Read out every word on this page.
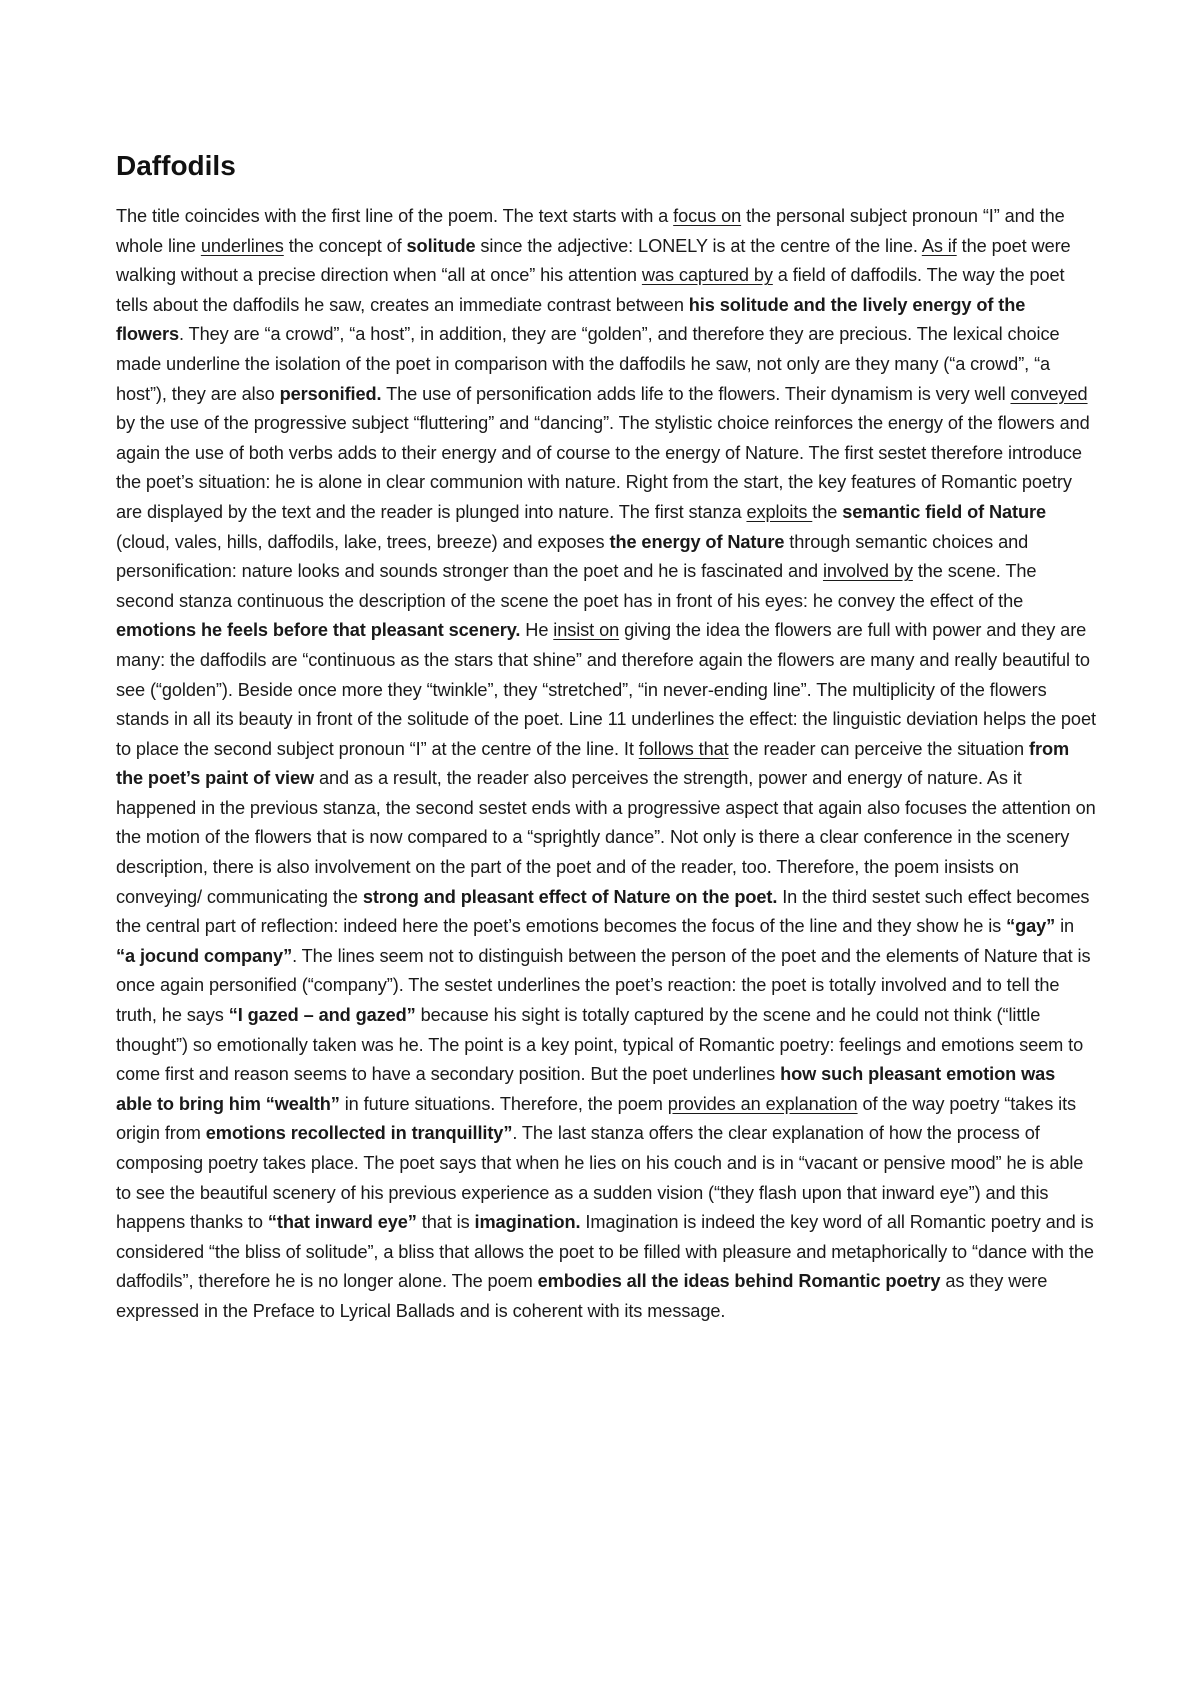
Daffodils

The title coincides with the first line of the poem. The text starts with a focus on the personal subject pronoun “I” and the whole line underlines the concept of solitude since the adjective: LONELY is at the centre of the line. As if the poet were walking without a precise direction when “all at once” his attention was captured by a field of daffodils. The way the poet tells about the daffodils he saw, creates an immediate contrast between his solitude and the lively energy of the flowers. They are “a crowd”, “a host”, in addition, they are “golden”, and therefore they are precious. The lexical choice made underline the isolation of the poet in comparison with the daffodils he saw, not only are they many (“a crowd”, “a host”), they are also personified. The use of personification adds life to the flowers. Their dynamism is very well conveyed by the use of the progressive subject “fluttering” and “dancing”. The stylistic choice reinforces the energy of the flowers and again the use of both verbs adds to their energy and of course to the energy of Nature. The first sestet therefore introduce the poet’s situation: he is alone in clear communion with nature. Right from the start, the key features of Romantic poetry are displayed by the text and the reader is plunged into nature. The first stanza exploits the semantic field of Nature (cloud, vales, hills, daffodils, lake, trees, breeze) and exposes the energy of Nature through semantic choices and personification: nature looks and sounds stronger than the poet and he is fascinated and involved by the scene. The second stanza continuous the description of the scene the poet has in front of his eyes: he convey the effect of the emotions he feels before that pleasant scenery. He insist on giving the idea the flowers are full with power and they are many: the daffodils are “continuous as the stars that shine” and therefore again the flowers are many and really beautiful to see (“golden”). Beside once more they “twinkle”, they “stretched”, “in never-ending line”. The multiplicity of the flowers stands in all its beauty in front of the solitude of the poet. Line 11 underlines the effect: the linguistic deviation helps the poet to place the second subject pronoun “I” at the centre of the line. It follows that the reader can perceive the situation from the poet’s paint of view and as a result, the reader also perceives the strength, power and energy of nature. As it happened in the previous stanza, the second sestet ends with a progressive aspect that again also focuses the attention on the motion of the flowers that is now compared to a “sprightly dance”. Not only is there a clear conference in the scenery description, there is also involvement on the part of the poet and of the reader, too. Therefore, the poem insists on conveying/ communicating the strong and pleasant effect of Nature on the poet. In the third sestet such effect becomes the central part of reflection: indeed here the poet’s emotions becomes the focus of the line and they show he is “gay” in “a jocund company”. The lines seem not to distinguish between the person of the poet and the elements of Nature that is once again personified (“company”). The sestet underlines the poet’s reaction: the poet is totally involved and to tell the truth, he says “I gazed – and gazed” because his sight is totally captured by the scene and he could not think (“little thought”) so emotionally taken was he. The point is a key point, typical of Romantic poetry: feelings and emotions seem to come first and reason seems to have a secondary position. But the poet underlines how such pleasant emotion was able to bring him “wealth” in future situations. Therefore, the poem provides an explanation of the way poetry “takes its origin from emotions recollected in tranquillity”. The last stanza offers the clear explanation of how the process of composing poetry takes place. The poet says that when he lies on his couch and is in “vacant or pensive mood” he is able to see the beautiful scenery of his previous experience as a sudden vision (“they flash upon that inward eye”) and this happens thanks to “that inward eye” that is imagination. Imagination is indeed the key word of all Romantic poetry and is considered “the bliss of solitude”, a bliss that allows the poet to be filled with pleasure and metaphorically to “dance with the daffodils”, therefore he is no longer alone. The poem embodies all the ideas behind Romantic poetry as they were expressed in the Preface to Lyrical Ballads and is coherent with its message.
